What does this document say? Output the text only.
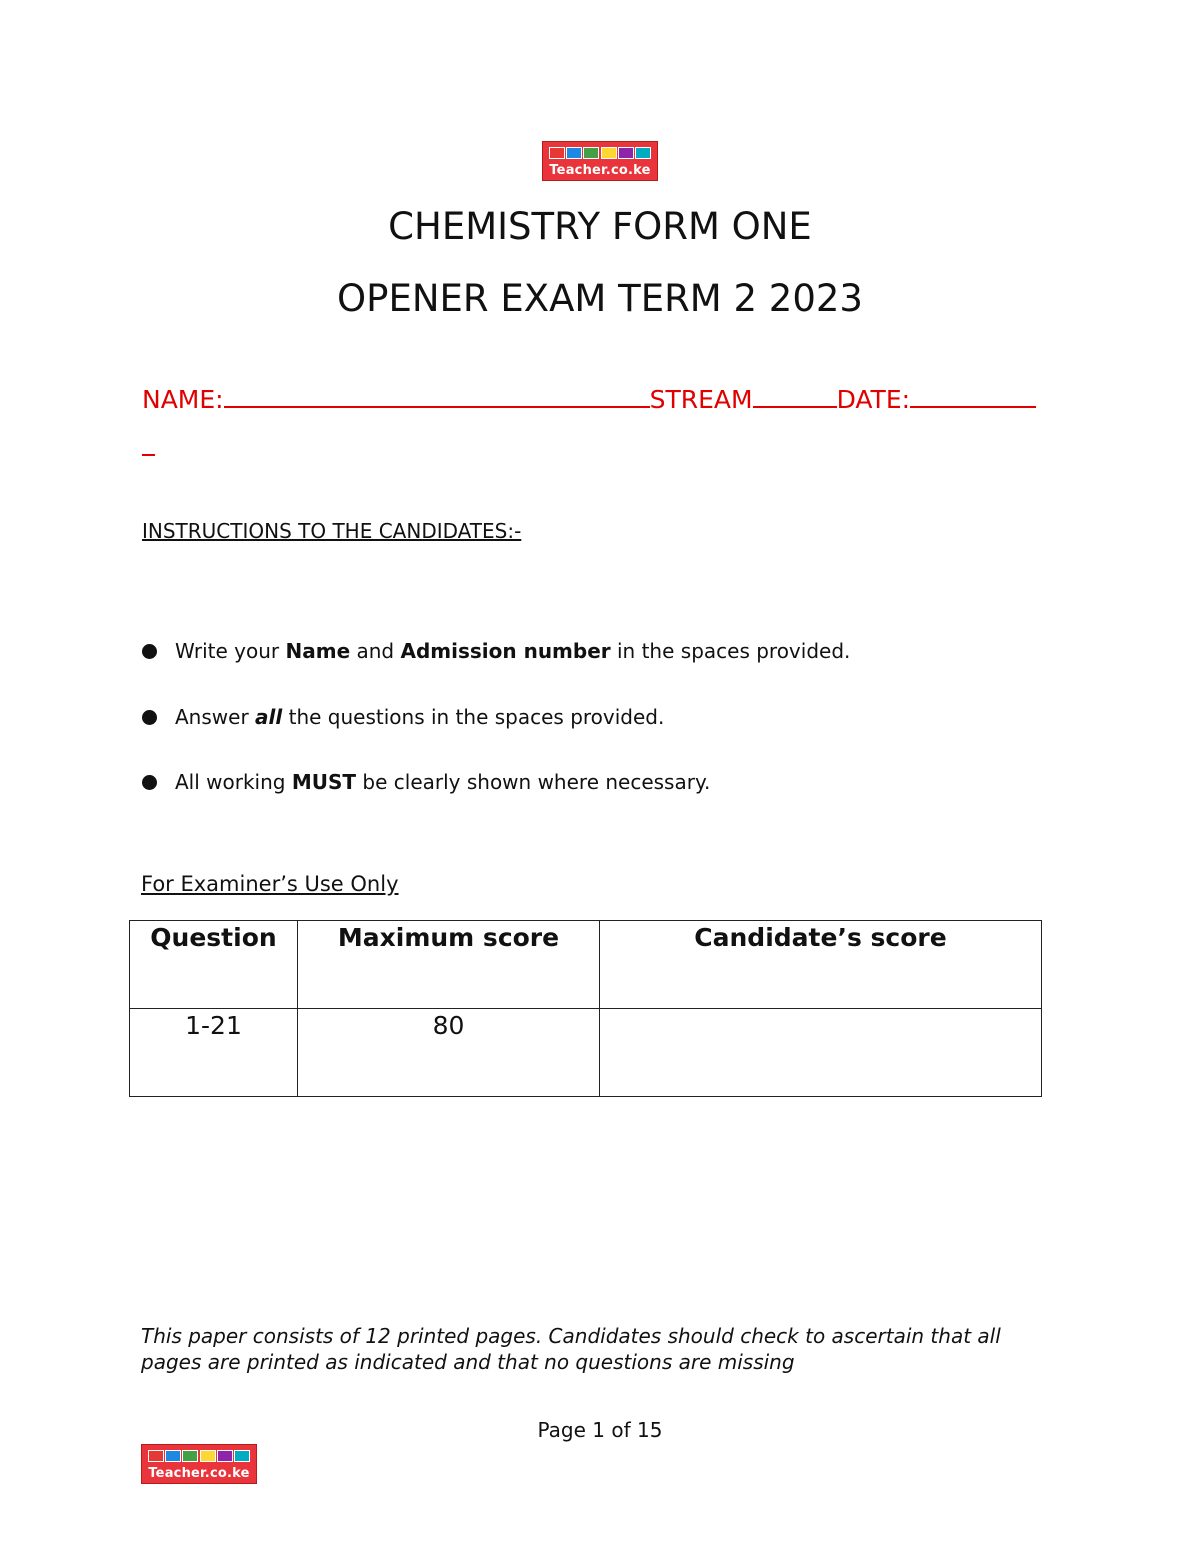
Teacher.co.ke
CHEMISTRY FORM ONE
OPENER EXAM TERM 2 2023
NAME:	STREAM	DATE:
INSTRUCTIONS TO THE CANDIDATES:-
Write your Name and Admission number in the spaces provided.
Answer all the questions in the spaces provided.
All working MUST be clearly shown where necessary.
For Examiner’s Use Only
Question	Maximum score	Candidate’s score
1-21	80	
This paper consists of 12 printed pages. Candidates should check to ascertain that all pages are printed as indicated and that no questions are missing
Page 1 of 15
Teacher.co.ke
